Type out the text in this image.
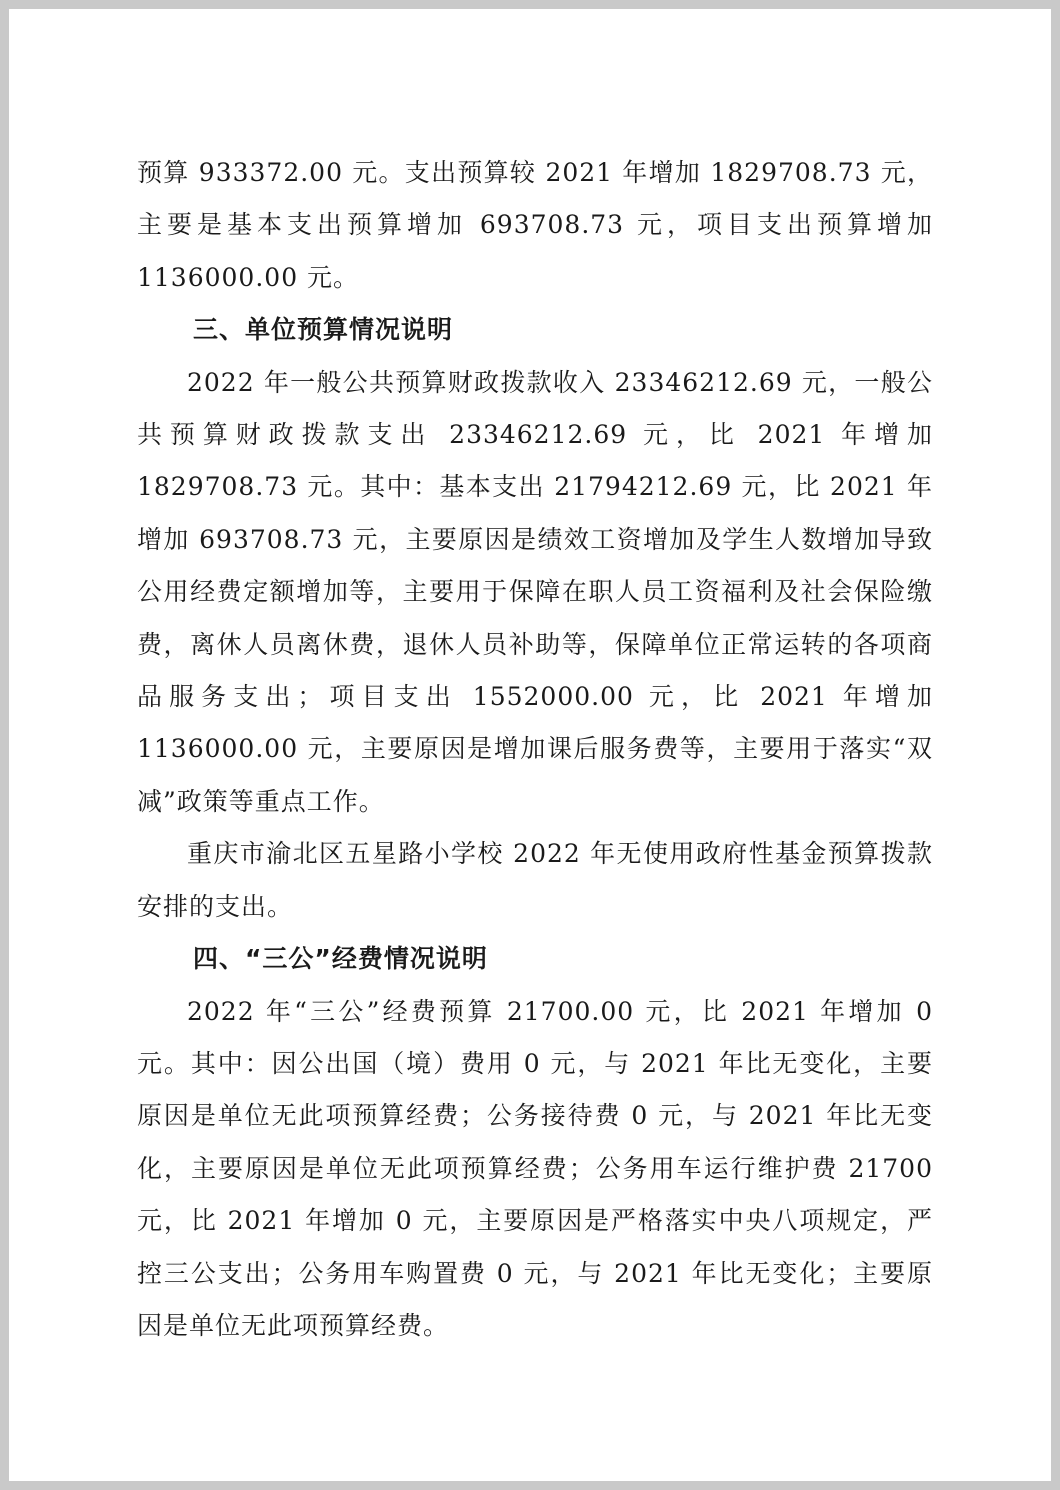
预算 933372.00 元。支出预算较 2021 年增加 1829708.73 元，主要是基本支出预算增加 693708.73 元，项目支出预算增加 1136000.00 元。

三、单位预算情况说明

2022 年一般公共预算财政拨款收入 23346212.69 元，一般公共预算财政拨款支出 23346212.69 元，比 2021 年增加 1829708.73 元。其中：基本支出 21794212.69 元，比 2021 年增加 693708.73 元，主要原因是绩效工资增加及学生人数增加导致公用经费定额增加等，主要用于保障在职人员工资福利及社会保险缴费，离休人员离休费，退休人员补助等，保障单位正常运转的各项商品服务支出；项目支出 1552000.00 元，比 2021 年增加 1136000.00 元，主要原因是增加课后服务费等，主要用于落实“双减”政策等重点工作。

重庆市渝北区五星路小学校 2022 年无使用政府性基金预算拨款安排的支出。

四、“三公”经费情况说明

2022 年“三公”经费预算 21700.00 元，比 2021 年增加 0 元。其中：因公出国（境）费用 0 元，与 2021 年比无变化，主要原因是单位无此项预算经费；公务接待费 0 元，与 2021 年比无变化，主要原因是单位无此项预算经费；公务用车运行维护费 21700 元，比 2021 年增加 0 元，主要原因是严格落实中央八项规定，严控三公支出；公务用车购置费 0 元，与 2021 年比无变化；主要原因是单位无此项预算经费。
